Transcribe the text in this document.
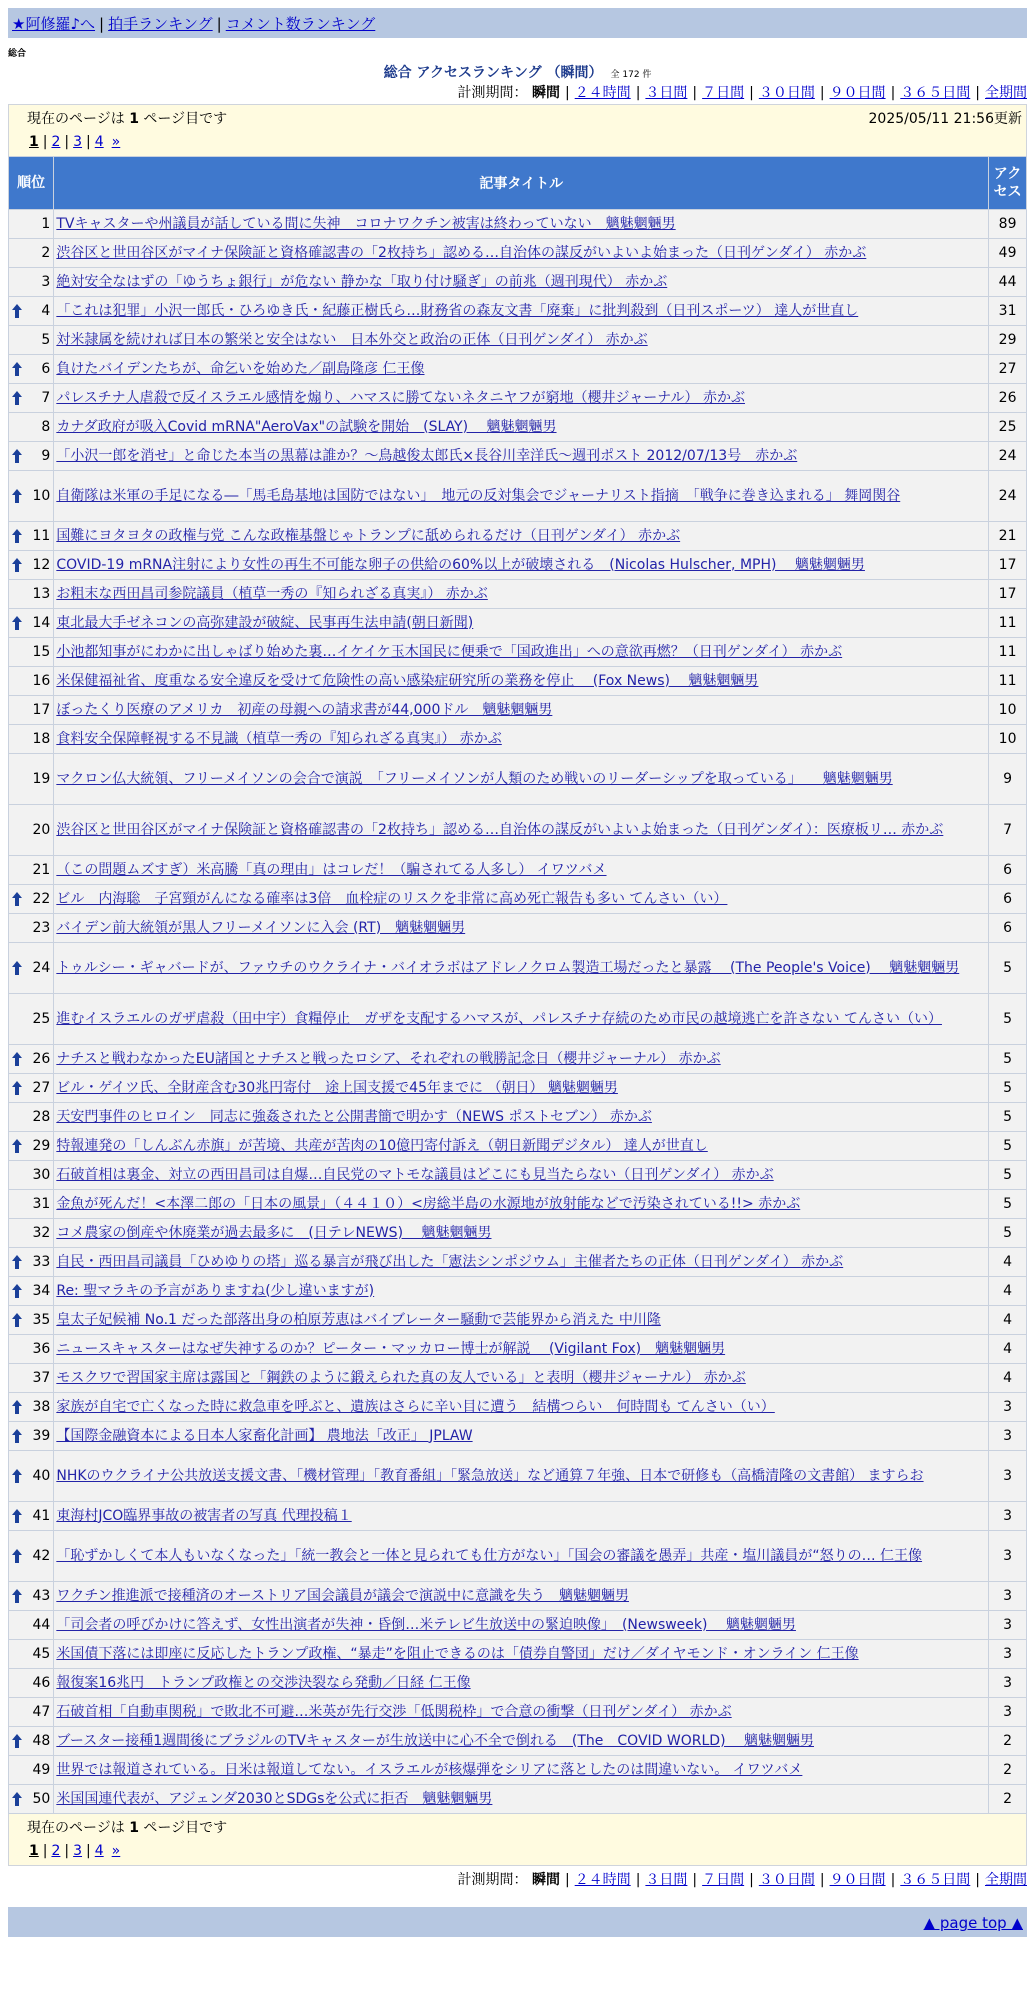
★阿修羅♪へ | 拍手ランキング | コメント数ランキング
総合
総合 アクセスランキング （瞬間） 全 172 件
計測期間： 瞬間 | ２４時間 | ３日間 | ７日間 | ３０日間 | ９０日間 | ３６５日間 | 全期間
現在のページは 1 ページ目です	2025/05/11 21:56更新
1 | 2 | 3 | 4 »
順位	記事タイトル	アクセス
1	TVキャスターや州議員が話している間に失神　コロナワクチン被害は終わっていない　魑魅魍魎男	89
2	渋谷区と世田谷区がマイナ保険証と資格確認書の「2枚持ち」認める…自治体の謀反がいよいよ始まった（日刊ゲンダイ） 赤かぶ	49
3	絶対安全なはずの「ゆうちょ銀行」が危ない 静かな「取り付け騒ぎ」の前兆（週刊現代） 赤かぶ	44

4	「これは犯罪」小沢一郎氏・ひろゆき氏・紀藤正樹氏ら…財務省の森友文書「廃棄」に批判殺到（日刊スポーツ） 達人が世直し	31
5	対米隷属を続ければ日本の繁栄と安全はない　日本外交と政治の正体（日刊ゲンダイ） 赤かぶ	29

6	負けたバイデンたちが、命乞いを始めた／副島隆彦 仁王像	27

7	パレスチナ人虐殺で反イスラエル感情を煽り、ハマスに勝てないネタニヤフが窮地（櫻井ジャーナル） 赤かぶ	26
8	カナダ政府が吸入Covid mRNA"AeroVax"の試験を開始　(SLAY)　 魑魅魍魎男	25

9	「小沢一郎を消せ」と命じた本当の黒幕は誰か？～鳥越俊太郎氏×長谷川幸洋氏～週刊ポスト 2012/07/13号　赤かぶ	24

10	自衛隊は米軍の手足になる―「馬毛島基地は国防ではない」　地元の反対集会でジャーナリスト指摘　「戦争に巻き込まれる」 舞岡関谷	24

11	国難にヨタヨタの政権与党 こんな政権基盤じゃトランプに舐められるだけ（日刊ゲンダイ） 赤かぶ	21

12	COVID-19 mRNA注射により女性の再生不可能な卵子の供給の60%以上が破壊される　(Nicolas Hulscher, MPH)　 魑魅魍魎男	17
13	お粗末な西田昌司参院議員（植草一秀の『知られざる真実』） 赤かぶ	17

14	東北最大手ゼネコンの高弥建設が破綻、民事再生法申請(朝日新聞)	11
15	小池都知事がにわかに出しゃばり始めた裏…イケイケ玉木国民に便乗で「国政進出」への意欲再燃？（日刊ゲンダイ） 赤かぶ	11
16	米保健福祉省、度重なる安全違反を受けて危険性の高い感染症研究所の業務を停止　 (Fox News)　 魑魅魍魎男	11
17	ぼったくり医療のアメリカ　初産の母親への請求書が44,000ドル　魑魅魍魎男	10
18	食料安全保障軽視する不見識（植草一秀の『知られざる真実』） 赤かぶ	10
19	マクロン仏大統領、フリーメイソンの会合で演説　「フリーメイソンが人類のため戦いのリーダーシップを取っている」　　魑魅魍魎男	9
20	渋谷区と世田谷区がマイナ保険証と資格確認書の「2枚持ち」認める…自治体の謀反がいよいよ始まった（日刊ゲンダイ）：医療板リ… 赤かぶ	7
21	（この問題ムズすぎ）米高騰「真の理由」はコレだ！（騙されてる人多し） イワツバメ	6

22	ビル　内海聡　子宮頸がんになる確率は3倍　血栓症のリスクを非常に高め死亡報告も多い てんさい（い）	6
23	バイデン前大統領が黒人フリーメイソンに入会 (RT)　魑魅魍魎男	6

24	トゥルシー・ギャバードが、ファウチのウクライナ・バイオラボはアドレノクロム製造工場だったと暴露　 (The People's Voice)　 魑魅魍魎男	5
25	進むイスラエルのガザ虐殺（田中宇）食糧停止　ガザを支配するハマスが、パレスチナ存続のため市民の越境逃亡を許さない てんさい（い）	5

26	ナチスと戦わなかったEU諸国とナチスと戦ったロシア、それぞれの戦勝記念日（櫻井ジャーナル） 赤かぶ	5

27	ビル・ゲイツ氏、全財産含む30兆円寄付　途上国支援で45年までに （朝日） 魑魅魍魎男	5
28	天安門事件のヒロイン　同志に強姦されたと公開書簡で明かす（NEWS ポストセブン） 赤かぶ	5

29	特報連発の「しんぶん赤旗」が苦境、共産が苦肉の10億円寄付訴え（朝日新聞デジタル） 達人が世直し	5
30	石破首相は裏金、対立の西田昌司は自爆…自民党のマトモな議員はどこにも見当たらない（日刊ゲンダイ） 赤かぶ	5
31	金魚が死んだ！<本澤二郎の「日本の風景」（４４１０）<房総半島の水源地が放射能などで汚染されている!!> 赤かぶ	5
32	コメ農家の倒産や休廃業が過去最多に　(日テレNEWS)　 魑魅魍魎男	5

33	自民・西田昌司議員「ひめゆりの塔」巡る暴言が飛び出した「憲法シンポジウム」主催者たちの正体（日刊ゲンダイ） 赤かぶ	4

34	Re: 聖マラキの予言がありますね(少し違いますが)	4

35	皇太子妃候補 No.1 だった部落出身の柏原芳恵はバイブレーター騒動で芸能界から消えた 中川隆	4
36	ニュースキャスターはなぜ失神するのか？ピーター・マッカロー博士が解説　 (Vigilant Fox)　魑魅魍魎男	4
37	モスクワで習国家主席は露国と「鋼鉄のように鍛えられた真の友人でいる」と表明（櫻井ジャーナル） 赤かぶ	4

38	家族が自宅で亡くなった時に救急車を呼ぶと、遺族はさらに辛い目に遭う　結構つらい　何時間も てんさい（い）	3

39	【国際金融資本による日本人家畜化計画】 農地法「改正」 JPLAW	3

40	NHKのウクライナ公共放送支援文書、「機材管理」「教育番組」「緊急放送」など通算７年強、日本で研修も（高橋清隆の文書館） ますらお	3

41	東海村JCO臨界事故の被害者の写真 代理投稿１	3

42	「恥ずかしくて本人もいなくなった」「統一教会と一体と見られても仕方がない」「国会の審議を愚弄」共産・塩川議員が“怒りの… 仁王像	3

43	ワクチン推進派で接種済のオーストリア国会議員が議会で演説中に意識を失う　魑魅魍魎男	3
44	「司会者の呼びかけに答えず、女性出演者が失神・昏倒…米テレビ生放送中の緊迫映像」　(Newsweek)　 魑魅魍魎男	3
45	米国債下落には即座に反応したトランプ政権、“暴走”を阻止できるのは「債券自警団」だけ／ダイヤモンド・オンライン 仁王像	3
46	報復案16兆円　トランプ政権との交渉決裂なら発動／日経 仁王像	3
47	石破首相「自動車関税」で敗北不可避…米英が先行交渉「低関税枠」で合意の衝撃（日刊ゲンダイ） 赤かぶ	3

48	ブースター接種1週間後にブラジルのTVキャスターが生放送中に心不全で倒れる　(The　COVID WORLD)　 魑魅魍魎男	2
49	世界では報道されている。日米は報道してない。イスラエルが核爆弾をシリアに落としたのは間違いない。 イワツバメ	2

50	米国国連代表が、アジェンダ2030とSDGsを公式に拒否　魑魅魍魎男	2
現在のページは 1 ページ目です
1 | 2 | 3 | 4 »
計測期間： 瞬間 | ２４時間 | ３日間 | ７日間 | ３０日間 | ９０日間 | ３６５日間 | 全期間
▲ page top ▲
